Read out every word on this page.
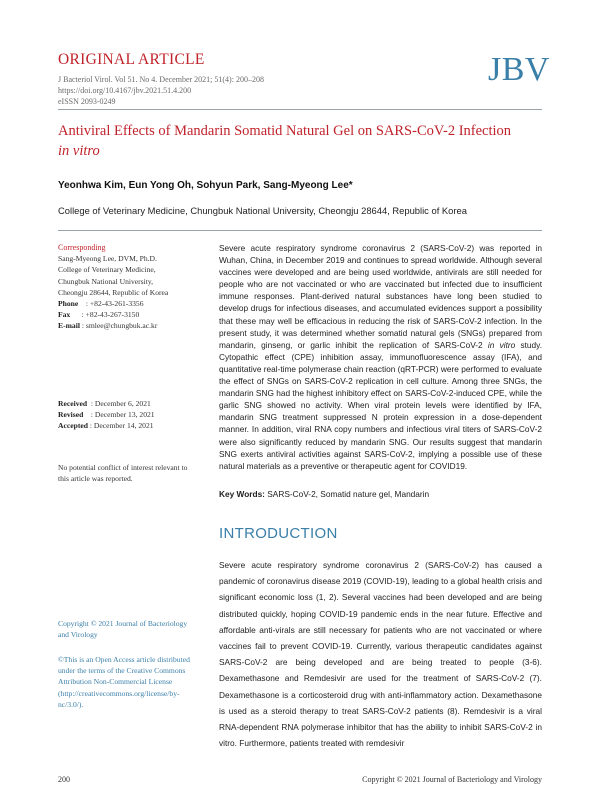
ORIGINAL ARTICLE
J Bacteriol Virol. Vol 51. No 4. December 2021; 51(4): 200–208
https://doi.org/10.4167/jbv.2021.51.4.200
eISSN 2093-0249
JBV
Antiviral Effects of Mandarin Somatid Natural Gel on SARS-CoV-2 Infection
in vitro
Yeonhwa Kim, Eun Yong Oh, Sohyun Park, Sang-Myeong Lee*
College of Veterinary Medicine, Chungbuk National University, Cheongju 28644, Republic of Korea
Corresponding
Sang-Myeong Lee, DVM, Ph.D.
College of Veterinary Medicine,
Chungbuk National University,
Cheongju 28644, Republic of Korea
Phone    : +82-43-261-3356
Fax      : +82-43-267-3150
E-mail : smlee@chungbuk.ac.kr
Received  : December 6, 2021
Revised    : December 13, 2021
Accepted : December 14, 2021
No potential conflict of interest relevant to this article was reported.
Copyright © 2021 Journal of Bacteriology and Virology
©This is an Open Access article distributed under the terms of the Creative Commons Attribution Non-Commercial License (http://creativecommons.org/license/by-nc/3.0/).
Severe acute respiratory syndrome coronavirus 2 (SARS-CoV-2) was reported in Wuhan, China, in December 2019 and continues to spread worldwide. Although several vaccines were developed and are being used worldwide, antivirals are still needed for people who are not vaccinated or who are vaccinated but infected due to insufficient immune responses. Plant-derived natural substances have long been studied to develop drugs for infectious diseases, and accumulated evidences support a possibility that these may well be efficacious in reducing the risk of SARS-CoV-2 infection. In the present study, it was determined whether somatid natural gels (SNGs) prepared from mandarin, ginseng, or garlic inhibit the replication of SARS-CoV-2 in vitro study. Cytopathic effect (CPE) inhibition assay, immunofluorescence assay (IFA), and quantitative real-time polymerase chain reaction (qRT-PCR) were performed to evaluate the effect of SNGs on SARS-CoV-2 replication in cell culture. Among three SNGs, the mandarin SNG had the highest inhibitory effect on SARS-CoV-2-induced CPE, while the garlic SNG showed no activity. When viral protein levels were identified by IFA, mandarin SNG treatment suppressed N protein expression in a dose-dependent manner. In addition, viral RNA copy numbers and infectious viral titers of SARS-CoV-2 were also significantly reduced by mandarin SNG. Our results suggest that mandarin SNG exerts antiviral activities against SARS-CoV-2, implying a possible use of these natural materials as a preventive or therapeutic agent for COVID19.
Key Words: SARS-CoV-2, Somatid nature gel, Mandarin
INTRODUCTION
Severe acute respiratory syndrome coronavirus 2 (SARS-CoV-2) has caused a pandemic of coronavirus disease 2019 (COVID-19), leading to a global health crisis and significant economic loss (1, 2). Several vaccines had been developed and are being distributed quickly, hoping COVID-19 pandemic ends in the near future. Effective and affordable anti-virals are still necessary for patients who are not vaccinated or where vaccines fail to prevent COVID-19. Currently, various therapeutic candidates against SARS-CoV-2 are being developed and are being treated to people (3-6). Dexamethasone and Remdesivir are used for the treatment of SARS-CoV-2 (7). Dexamethasone is a corticosteroid drug with anti-inflammatory action. Dexamethasone is used as a steroid therapy to treat SARS-CoV-2 patients (8). Remdesivir is a viral RNA-dependent RNA polymerase inhibitor that has the ability to inhibit SARS-CoV-2 in vitro. Furthermore, patients treated with remdesivir
200	Copyright © 2021 Journal of Bacteriology and Virology
